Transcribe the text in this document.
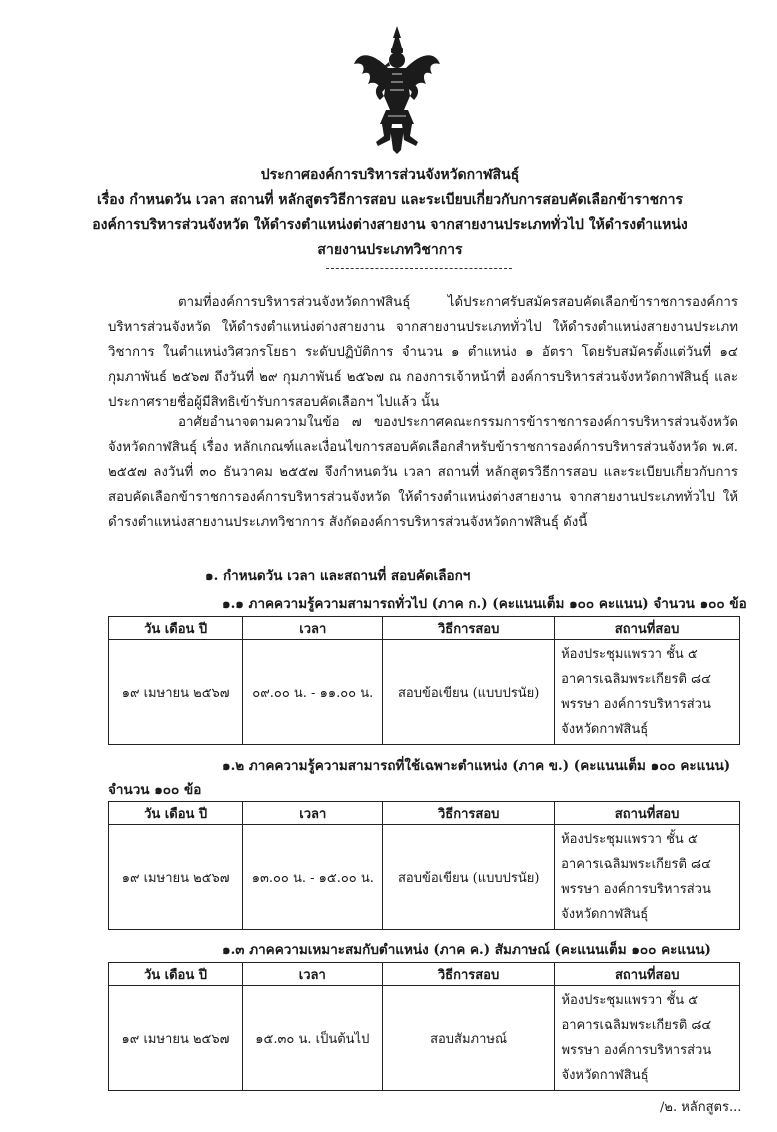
ประกาศองค์การบริหารส่วนจังหวัดกาฬสินธุ์
เรื่อง กำหนดวัน เวลา สถานที่ หลักสูตรวิธีการสอบ และระเบียบเกี่ยวกับการสอบคัดเลือกข้าราชการ
องค์การบริหารส่วนจังหวัด ให้ดำรงตำแหน่งต่างสายงาน จากสายงานประเภททั่วไป ให้ดำรงตำแหน่ง
สายงานประเภทวิชาการ
ตามที่องค์การบริหารส่วนจังหวัดกาฬสินธุ์ ได้ประกาศรับสมัครสอบคัดเลือกข้าราชการองค์การบริหารส่วนจังหวัด ให้ดำรงตำแหน่งต่างสายงาน จากสายงานประเภททั่วไป ให้ดำรงตำแหน่งสายงานประเภทวิชาการ ในตำแหน่งวิศวกรโยธา ระดับปฏิบัติการ จำนวน ๑ ตำแหน่ง ๑ อัตรา โดยรับสมัครตั้งแต่วันที่ ๑๔ กุมภาพันธ์ ๒๕๖๗ ถึงวันที่ ๒๙ กุมภาพันธ์ ๒๕๖๗ ณ กองการเจ้าหน้าที่ องค์การบริหารส่วนจังหวัดกาฬสินธุ์ และประกาศรายชื่อผู้มีสิทธิเข้ารับการสอบคัดเลือกฯ ไปแล้ว นั้น
อาศัยอำนาจตามความในข้อ ๗ ของประกาศคณะกรรมการข้าราชการองค์การบริหารส่วนจังหวัดจังหวัดกาฬสินธุ์ เรื่อง หลักเกณฑ์และเงื่อนไขการสอบคัดเลือกสำหรับข้าราชการองค์การบริหารส่วนจังหวัด พ.ศ. ๒๕๕๗ ลงวันที่ ๓๐ ธันวาคม ๒๕๕๗ จึงกำหนดวัน เวลา สถานที่ หลักสูตรวิธีการสอบ และระเบียบเกี่ยวกับการสอบคัดเลือกข้าราชการองค์การบริหารส่วนจังหวัด ให้ดำรงตำแหน่งต่างสายงาน จากสายงานประเภททั่วไป ให้ดำรงตำแหน่งสายงานประเภทวิชาการ สังกัดองค์การบริหารส่วนจังหวัดกาฬสินธุ์ ดังนี้
๑. กำหนดวัน เวลา และสถานที่ สอบคัดเลือกฯ
๑.๑ ภาคความรู้ความสามารถทั่วไป (ภาค ก.) (คะแนนเต็ม ๑๐๐ คะแนน) จำนวน ๑๐๐ ข้อ
วัน เดือน ปี	เวลา	วิธีการสอบ	สถานที่สอบ
๑๙ เมษายน ๒๕๖๗	๐๙.๐๐ น. - ๑๑.๐๐ น.	สอบข้อเขียน (แบบปรนัย)	ห้องประชุมแพรวา ชั้น ๕
อาคารเฉลิมพระเกียรติ ๘๔
พรรษา องค์การบริหารส่วน
จังหวัดกาฬสินธุ์
๑.๒ ภาคความรู้ความสามารถที่ใช้เฉพาะตำแหน่ง (ภาค ข.) (คะแนนเต็ม ๑๐๐ คะแนน)
จำนวน ๑๐๐ ข้อ
วัน เดือน ปี	เวลา	วิธีการสอบ	สถานที่สอบ
๑๙ เมษายน ๒๕๖๗	๑๓.๐๐ น. - ๑๕.๐๐ น.	สอบข้อเขียน (แบบปรนัย)	ห้องประชุมแพรวา ชั้น ๕
อาคารเฉลิมพระเกียรติ ๘๔
พรรษา องค์การบริหารส่วน
จังหวัดกาฬสินธุ์
๑.๓ ภาคความเหมาะสมกับตำแหน่ง (ภาค ค.) สัมภาษณ์ (คะแนนเต็ม ๑๐๐ คะแนน)
วัน เดือน ปี	เวลา	วิธีการสอบ	สถานที่สอบ
๑๙ เมษายน ๒๕๖๗	๑๕.๓๐ น. เป็นต้นไป	สอบสัมภาษณ์	ห้องประชุมแพรวา ชั้น ๕
อาคารเฉลิมพระเกียรติ ๘๔
พรรษา องค์การบริหารส่วน
จังหวัดกาฬสินธุ์
/๒. หลักสูตร...
